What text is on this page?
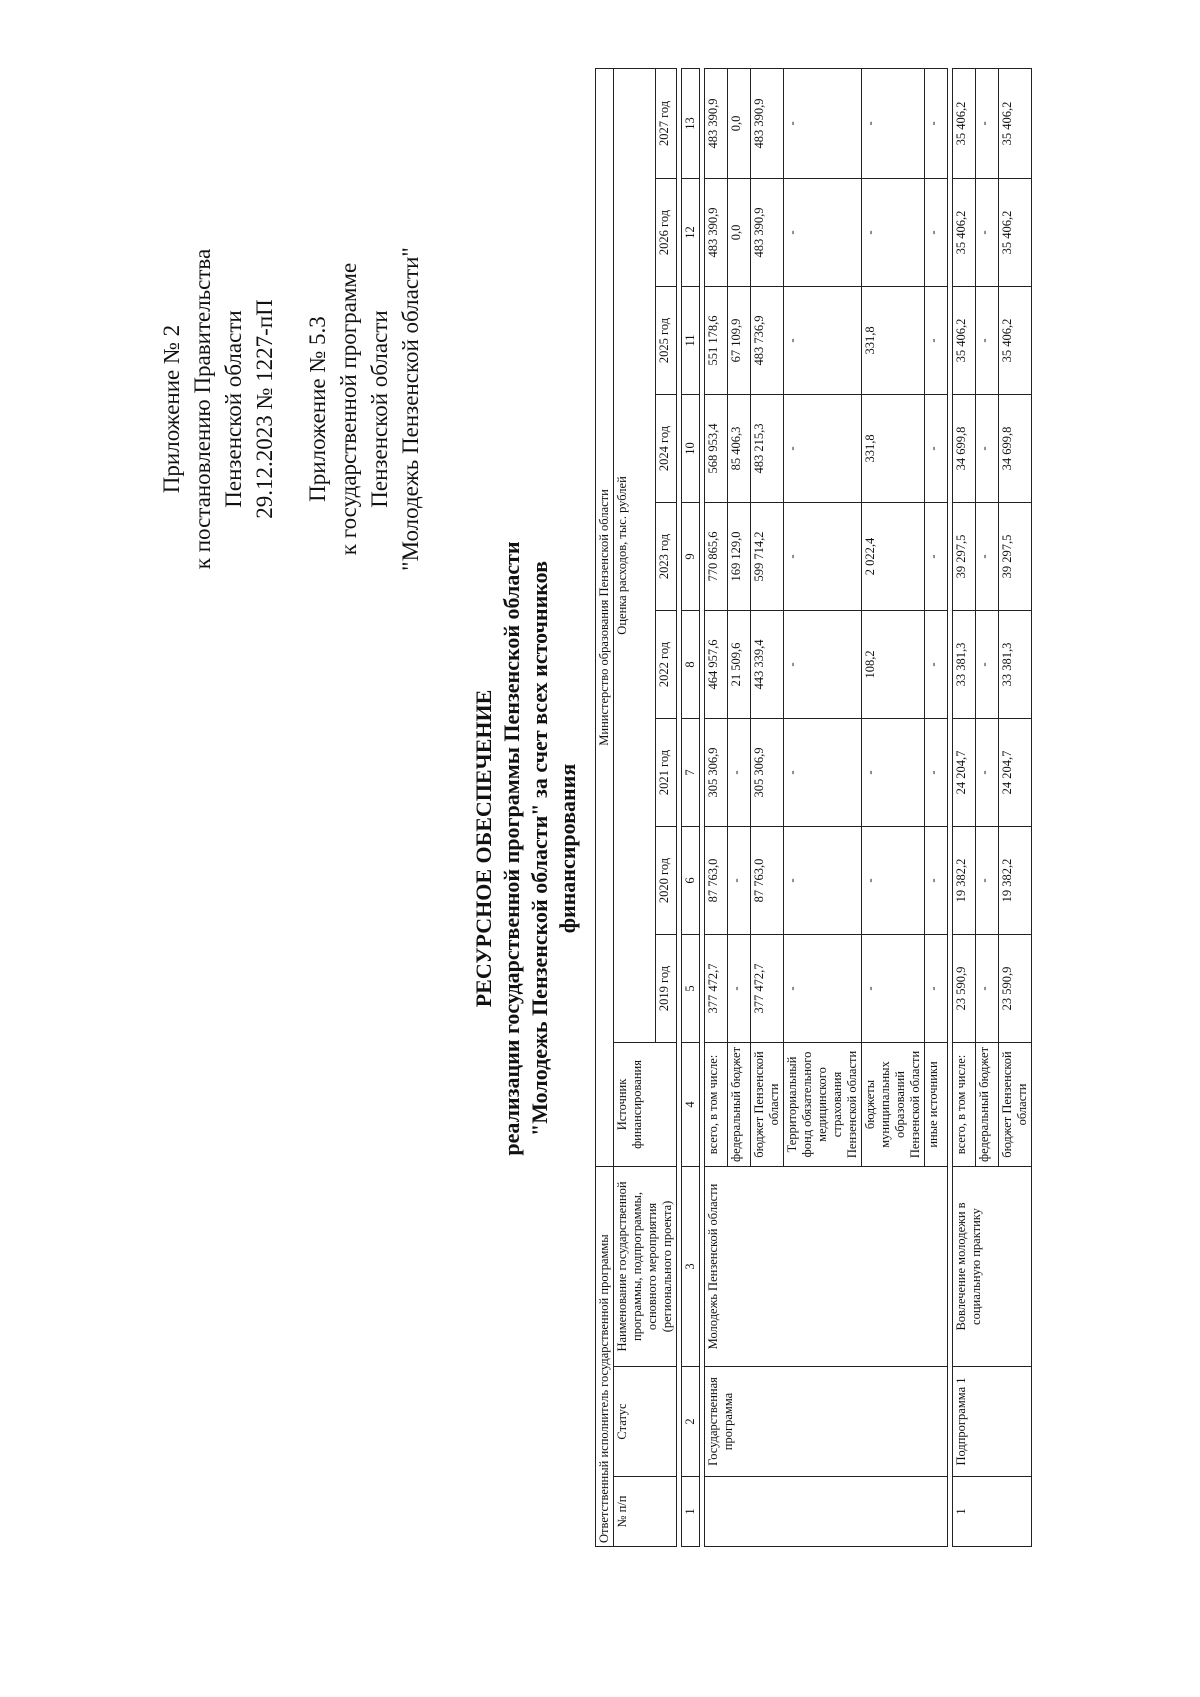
Приложение № 2 к постановлению Правительства Пензенской области 29.12.2023 № 1227-пП Приложение № 5.3 к государственной программе Пензенской области "Молодежь Пензенской области"
РЕСУРСНОЕ ОБЕСПЕЧЕНИЕ реализации государственной программы Пензенской области "Молодежь Пензенской области" за счет всех источников финансирования
Ответственный исполнитель государственной программы			Министерство образования Пензенской области									
№ п/п	Статус	Наименование государственной программы, подпрограммы, основного мероприятия (регионального проекта)	Источник финансирования	Оценка расходов, тыс. рублей								
				2019 год	2020 год	2021 год	2022 год	2023 год	2024 год	2025 год	2026 год	2027 год

1	2	3	4	5	6	7	8	9	10	11	12	13

	Государственная программа	Молодежь Пензенской области	всего, в том числе:	377 472,7	87 763,0	305 306,9	464 957,6	770 865,6	568 953,4	551 178,6	483 390,9	483 390,9
			федеральный бюджет	-	-	-	21 509,6	169 129,0	85 406,3	67 109,9	0,0	0,0
			бюджет Пензенской области	377 472,7	87 763,0	305 306,9	443 339,4	599 714,2	483 215,3	483 736,9	483 390,9	483 390,9
			Территориальный фонд обязательного медицинского страхования Пензенской области	-	-	-	-	-	-	-	-	-
			бюджеты муниципальных образований Пензенской области	-	-	-	108,2	2 022,4	331,8	331,8	-	-
			иные источники	-	-	-	-	-	-	-	-	-

1	Подпрограмма 1	Вовлечение молодежи в социальную практику	всего, в том числе:	23 590,9	19 382,2	24 204,7	33 381,3	39 297,5	34 699,8	35 406,2	35 406,2	35 406,2
			федеральный бюджет	-	-	-	-	-	-	-	-	-
			бюджет Пензенской области	23 590,9	19 382,2	24 204,7	33 381,3	39 297,5	34 699,8	35 406,2	35 406,2	35 406,2
